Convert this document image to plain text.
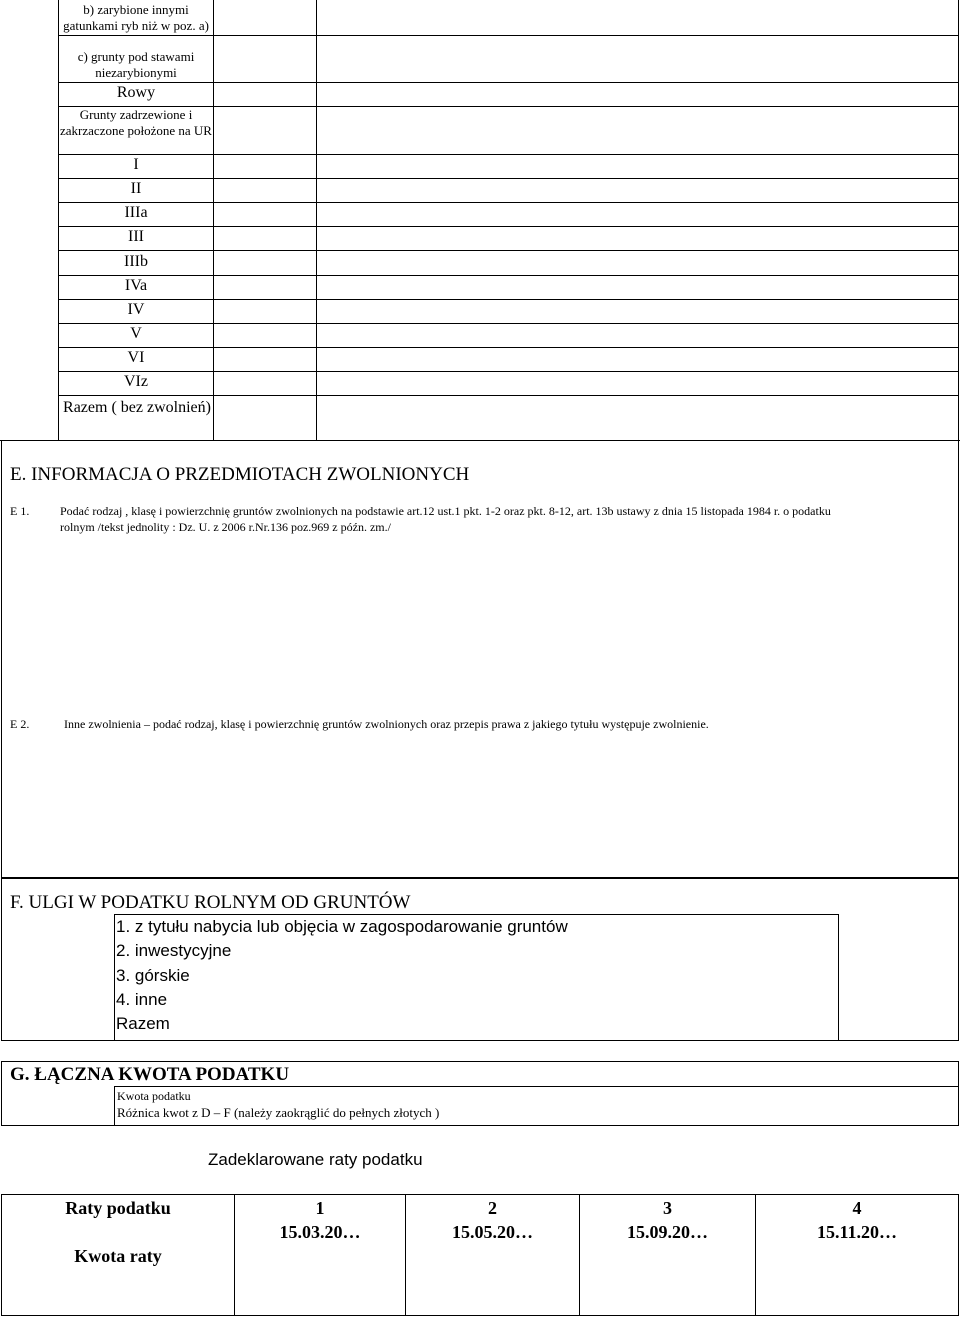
b) zarybione innymi gatunkami ryb niż w poz. a)
c) grunty pod stawami niezarybionymi
Rowy
Grunty zadrzewione i zakrzaczone położone na UR
I
II
IIIa
III
IIIb
IVa
IV
V
VI
VIz
Razem ( bez zwolnień)
E. INFORMACJA O PRZEDMIOTACH ZWOLNIONYCH
E 1.	Podać rodzaj , klasę i powierzchnię gruntów zwolnionych na podstawie art.12 ust.1 pkt. 1-2 oraz pkt. 8-12, art. 13b ustawy z dnia 15 listopada 1984 r. o podatku
rolnym /tekst jednolity : Dz. U. z 2006 r.Nr.136 poz.969 z późn. zm./
E 2.	Inne zwolnienia – podać rodzaj, klasę i powierzchnię gruntów zwolnionych oraz przepis prawa z jakiego tytułu występuje zwolnienie.
F. ULGI W PODATKU ROLNYM OD GRUNTÓW
1. z tytułu nabycia lub objęcia w zagospodarowanie gruntów
2. inwestycyjne
3. górskie
4. inne
Razem
G. ŁĄCZNA KWOTA PODATKU
Kwota podatku
Różnica kwot z D – F (należy zaokrąglić do pełnych złotych )
Zadeklarowane raty podatku
Raty podatku
Kwota raty
1
15.03.20…
2
15.05.20…
3
15.09.20…
4
15.11.20…
